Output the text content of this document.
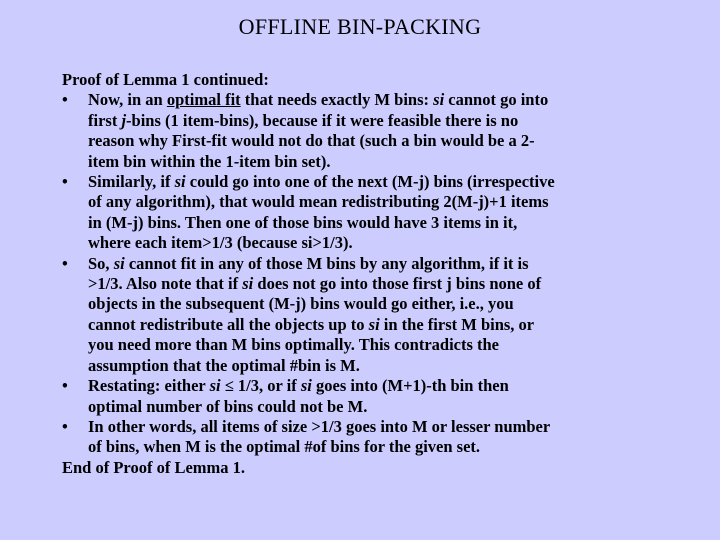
OFFLINE BIN-PACKING
Proof of Lemma 1 continued:
•	Now, in an optimal fit that needs exactly M bins: si cannot go into
first j-bins (1 item-bins), because if it were feasible there is no
reason why First-fit would not do that (such a bin would be a 2-
item bin within the 1-item bin set).
•	Similarly, if si could go into one of the next (M-j) bins (irrespective
of any algorithm), that would mean redistributing 2(M-j)+1 items
in (M-j) bins. Then one of those bins would have 3 items in it,
where each item>1/3 (because si>1/3).
•	So, si cannot fit in any of those M bins by any algorithm, if it is
>1/3. Also note that if si does not go into those first j bins none of
objects in the subsequent (M-j) bins would go either, i.e., you
cannot redistribute all the objects up to si in the first M bins, or
you need more than M bins optimally. This contradicts the
assumption that the optimal #bin is M.
•	Restating: either si ≤ 1/3, or if si goes into (M+1)-th bin then
optimal number of bins could not be M.
•	In other words, all items of size >1/3 goes into M or lesser number
of bins, when M is the optimal #of bins for the given set.
End of Proof of Lemma 1.
